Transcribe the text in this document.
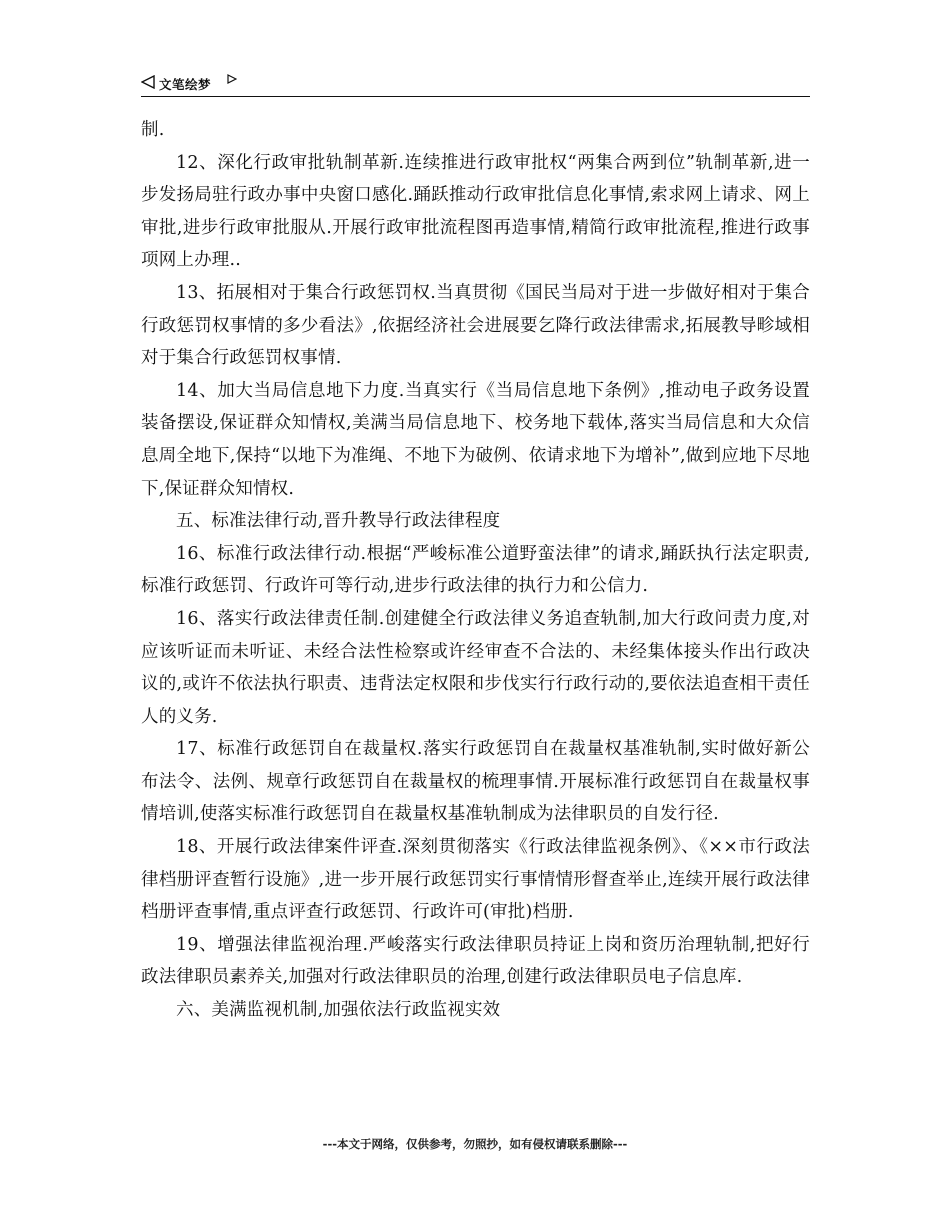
文笔绘梦

制.

12、深化行政审批轨制革新.连续推进行政审批权“两集合两到位”轨制革新,进一步发扬局驻行政办事中央窗口感化.踊跃推动行政审批信息化事情,索求网上请求、网上审批,进步行政审批服从.开展行政审批流程图再造事情,精简行政审批流程,推进行政事项网上办理..

13、拓展相对于集合行政惩罚权.当真贯彻《国民当局对于进一步做好相对于集合行政惩罚权事情的多少看法》,依据经济社会进展要乞降行政法律需求,拓展教导畛域相对于集合行政惩罚权事情.

14、加大当局信息地下力度.当真实行《当局信息地下条例》,推动电子政务设置装备摆设,保证群众知情权,美满当局信息地下、校务地下载体,落实当局信息和大众信息周全地下,保持“以地下为准绳、不地下为破例、依请求地下为增补”,做到应地下尽地下,保证群众知情权.

五、标准法律行动,晋升教导行政法律程度

16、标准行政法律行动.根据“严峻标准公道野蛮法律”的请求,踊跃执行法定职责,标准行政惩罚、行政许可等行动,进步行政法律的执行力和公信力.

16、落实行政法律责任制.创建健全行政法律义务追查轨制,加大行政问责力度,对应该听证而未听证、未经合法性检察或许经审查不合法的、未经集体接头作出行政决议的,或许不依法执行职责、违背法定权限和步伐实行行政行动的,要依法追查相干责任人的义务.

17、标准行政惩罚自在裁量权.落实行政惩罚自在裁量权基准轨制,实时做好新公布法令、法例、规章行政惩罚自在裁量权的梳理事情.开展标准行政惩罚自在裁量权事情培训,使落实标准行政惩罚自在裁量权基准轨制成为法律职员的自发行径.

18、开展行政法律案件评查.深刻贯彻落实《行政法律监视条例》、《××市行政法律档册评查暂行设施》,进一步开展行政惩罚实行事情情形督查举止,连续开展行政法律档册评查事情,重点评查行政惩罚、行政许可(审批)档册.

19、增强法律监视治理.严峻落实行政法律职员持证上岗和资历治理轨制,把好行政法律职员素养关,加强对行政法律职员的治理,创建行政法律职员电子信息库.

六、美满监视机制,加强依法行政监视实效

---本文于网络，仅供参考，勿照抄，如有侵权请联系删除---
